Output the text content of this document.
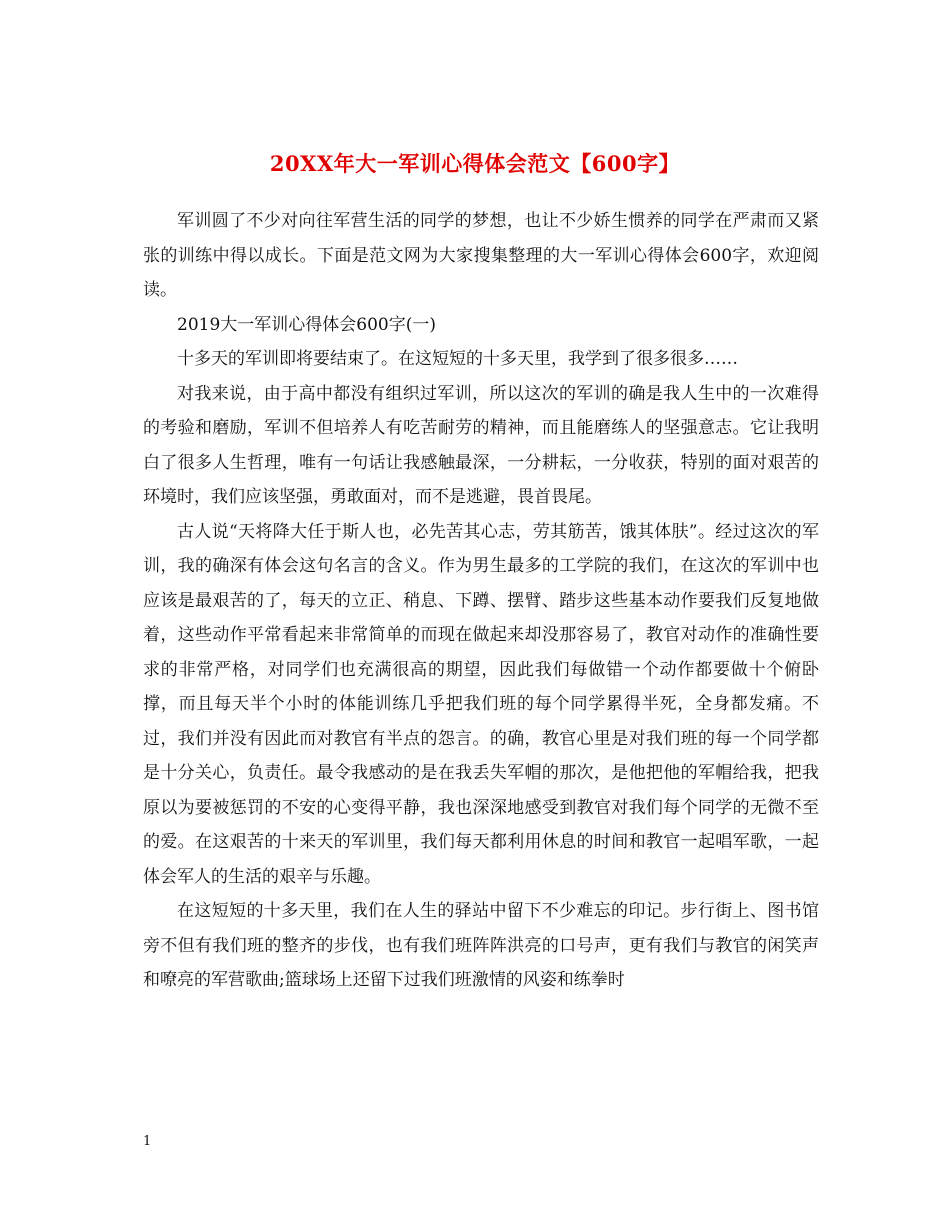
20XX年大一军训心得体会范文【600字】

军训圆了不少对向往军营生活的同学的梦想，也让不少娇生惯养的同学在严肃而又紧张的训练中得以成长。下面是范文网为大家搜集整理的大一军训心得体会600字，欢迎阅读。

2019大一军训心得体会600字(一)

十多天的军训即将要结束了。在这短短的十多天里，我学到了很多很多……

对我来说，由于高中都没有组织过军训，所以这次的军训的确是我人生中的一次难得的考验和磨励，军训不但培养人有吃苦耐劳的精神，而且能磨练人的坚强意志。它让我明白了很多人生哲理，唯有一句话让我感触最深，一分耕耘，一分收获，特别的面对艰苦的环境时，我们应该坚强，勇敢面对，而不是逃避，畏首畏尾。

古人说“天将降大任于斯人也，必先苦其心志，劳其筋苦，饿其体肤”。经过这次的军训，我的确深有体会这句名言的含义。作为男生最多的工学院的我们，在这次的军训中也应该是最艰苦的了，每天的立正、稍息、下蹲、摆臂、踏步这些基本动作要我们反复地做着，这些动作平常看起来非常简单的而现在做起来却没那容易了，教官对动作的准确性要求的非常严格，对同学们也充满很高的期望，因此我们每做错一个动作都要做十个俯卧撑，而且每天半个小时的体能训练几乎把我们班的每个同学累得半死，全身都发痛。不过，我们并没有因此而对教官有半点的怨言。的确，教官心里是对我们班的每一个同学都是十分关心，负责任。最令我感动的是在我丢失军帽的那次，是他把他的军帽给我，把我原以为要被惩罚的不安的心变得平静，我也深深地感受到教官对我们每个同学的无微不至的爱。在这艰苦的十来天的军训里，我们每天都利用休息的时间和教官一起唱军歌，一起体会军人的生活的艰辛与乐趣。

在这短短的十多天里，我们在人生的驿站中留下不少难忘的印记。步行街上、图书馆旁不但有我们班的整齐的步伐，也有我们班阵阵洪亮的口号声，更有我们与教官的闲笑声和嘹亮的军营歌曲;篮球场上还留下过我们班激情的风姿和练拳时

1
